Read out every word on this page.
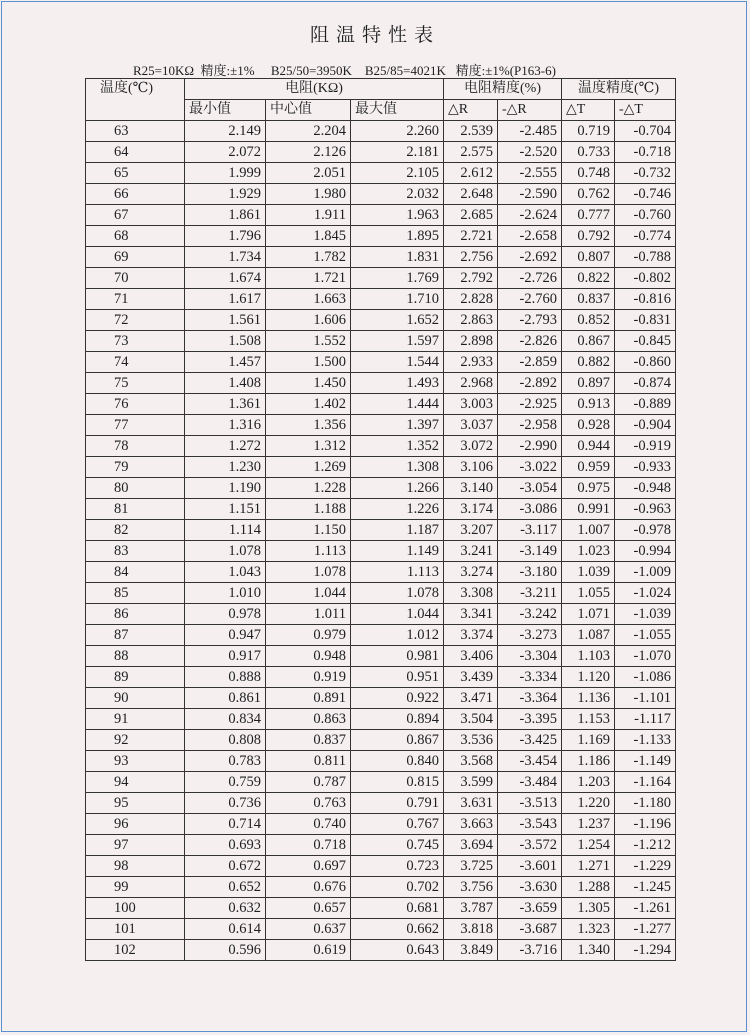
阻温特性表
R25=10KΩ  精度:±1%     B25/50=3950K    B25/85=4021K   精度:±1%(P163-6)
温度(℃)	电阻(KΩ)			电阻精度(%)		温度精度(℃)	
	最小值	中心值	最大值	△R	-△R	△T	-△T
63	2.149	2.204	2.260	2.539	-2.485	0.719	-0.704
64	2.072	2.126	2.181	2.575	-2.520	0.733	-0.718
65	1.999	2.051	2.105	2.612	-2.555	0.748	-0.732
66	1.929	1.980	2.032	2.648	-2.590	0.762	-0.746
67	1.861	1.911	1.963	2.685	-2.624	0.777	-0.760
68	1.796	1.845	1.895	2.721	-2.658	0.792	-0.774
69	1.734	1.782	1.831	2.756	-2.692	0.807	-0.788
70	1.674	1.721	1.769	2.792	-2.726	0.822	-0.802
71	1.617	1.663	1.710	2.828	-2.760	0.837	-0.816
72	1.561	1.606	1.652	2.863	-2.793	0.852	-0.831
73	1.508	1.552	1.597	2.898	-2.826	0.867	-0.845
74	1.457	1.500	1.544	2.933	-2.859	0.882	-0.860
75	1.408	1.450	1.493	2.968	-2.892	0.897	-0.874
76	1.361	1.402	1.444	3.003	-2.925	0.913	-0.889
77	1.316	1.356	1.397	3.037	-2.958	0.928	-0.904
78	1.272	1.312	1.352	3.072	-2.990	0.944	-0.919
79	1.230	1.269	1.308	3.106	-3.022	0.959	-0.933
80	1.190	1.228	1.266	3.140	-3.054	0.975	-0.948
81	1.151	1.188	1.226	3.174	-3.086	0.991	-0.963
82	1.114	1.150	1.187	3.207	-3.117	1.007	-0.978
83	1.078	1.113	1.149	3.241	-3.149	1.023	-0.994
84	1.043	1.078	1.113	3.274	-3.180	1.039	-1.009
85	1.010	1.044	1.078	3.308	-3.211	1.055	-1.024
86	0.978	1.011	1.044	3.341	-3.242	1.071	-1.039
87	0.947	0.979	1.012	3.374	-3.273	1.087	-1.055
88	0.917	0.948	0.981	3.406	-3.304	1.103	-1.070
89	0.888	0.919	0.951	3.439	-3.334	1.120	-1.086
90	0.861	0.891	0.922	3.471	-3.364	1.136	-1.101
91	0.834	0.863	0.894	3.504	-3.395	1.153	-1.117
92	0.808	0.837	0.867	3.536	-3.425	1.169	-1.133
93	0.783	0.811	0.840	3.568	-3.454	1.186	-1.149
94	0.759	0.787	0.815	3.599	-3.484	1.203	-1.164
95	0.736	0.763	0.791	3.631	-3.513	1.220	-1.180
96	0.714	0.740	0.767	3.663	-3.543	1.237	-1.196
97	0.693	0.718	0.745	3.694	-3.572	1.254	-1.212
98	0.672	0.697	0.723	3.725	-3.601	1.271	-1.229
99	0.652	0.676	0.702	3.756	-3.630	1.288	-1.245
100	0.632	0.657	0.681	3.787	-3.659	1.305	-1.261
101	0.614	0.637	0.662	3.818	-3.687	1.323	-1.277
102	0.596	0.619	0.643	3.849	-3.716	1.340	-1.294
